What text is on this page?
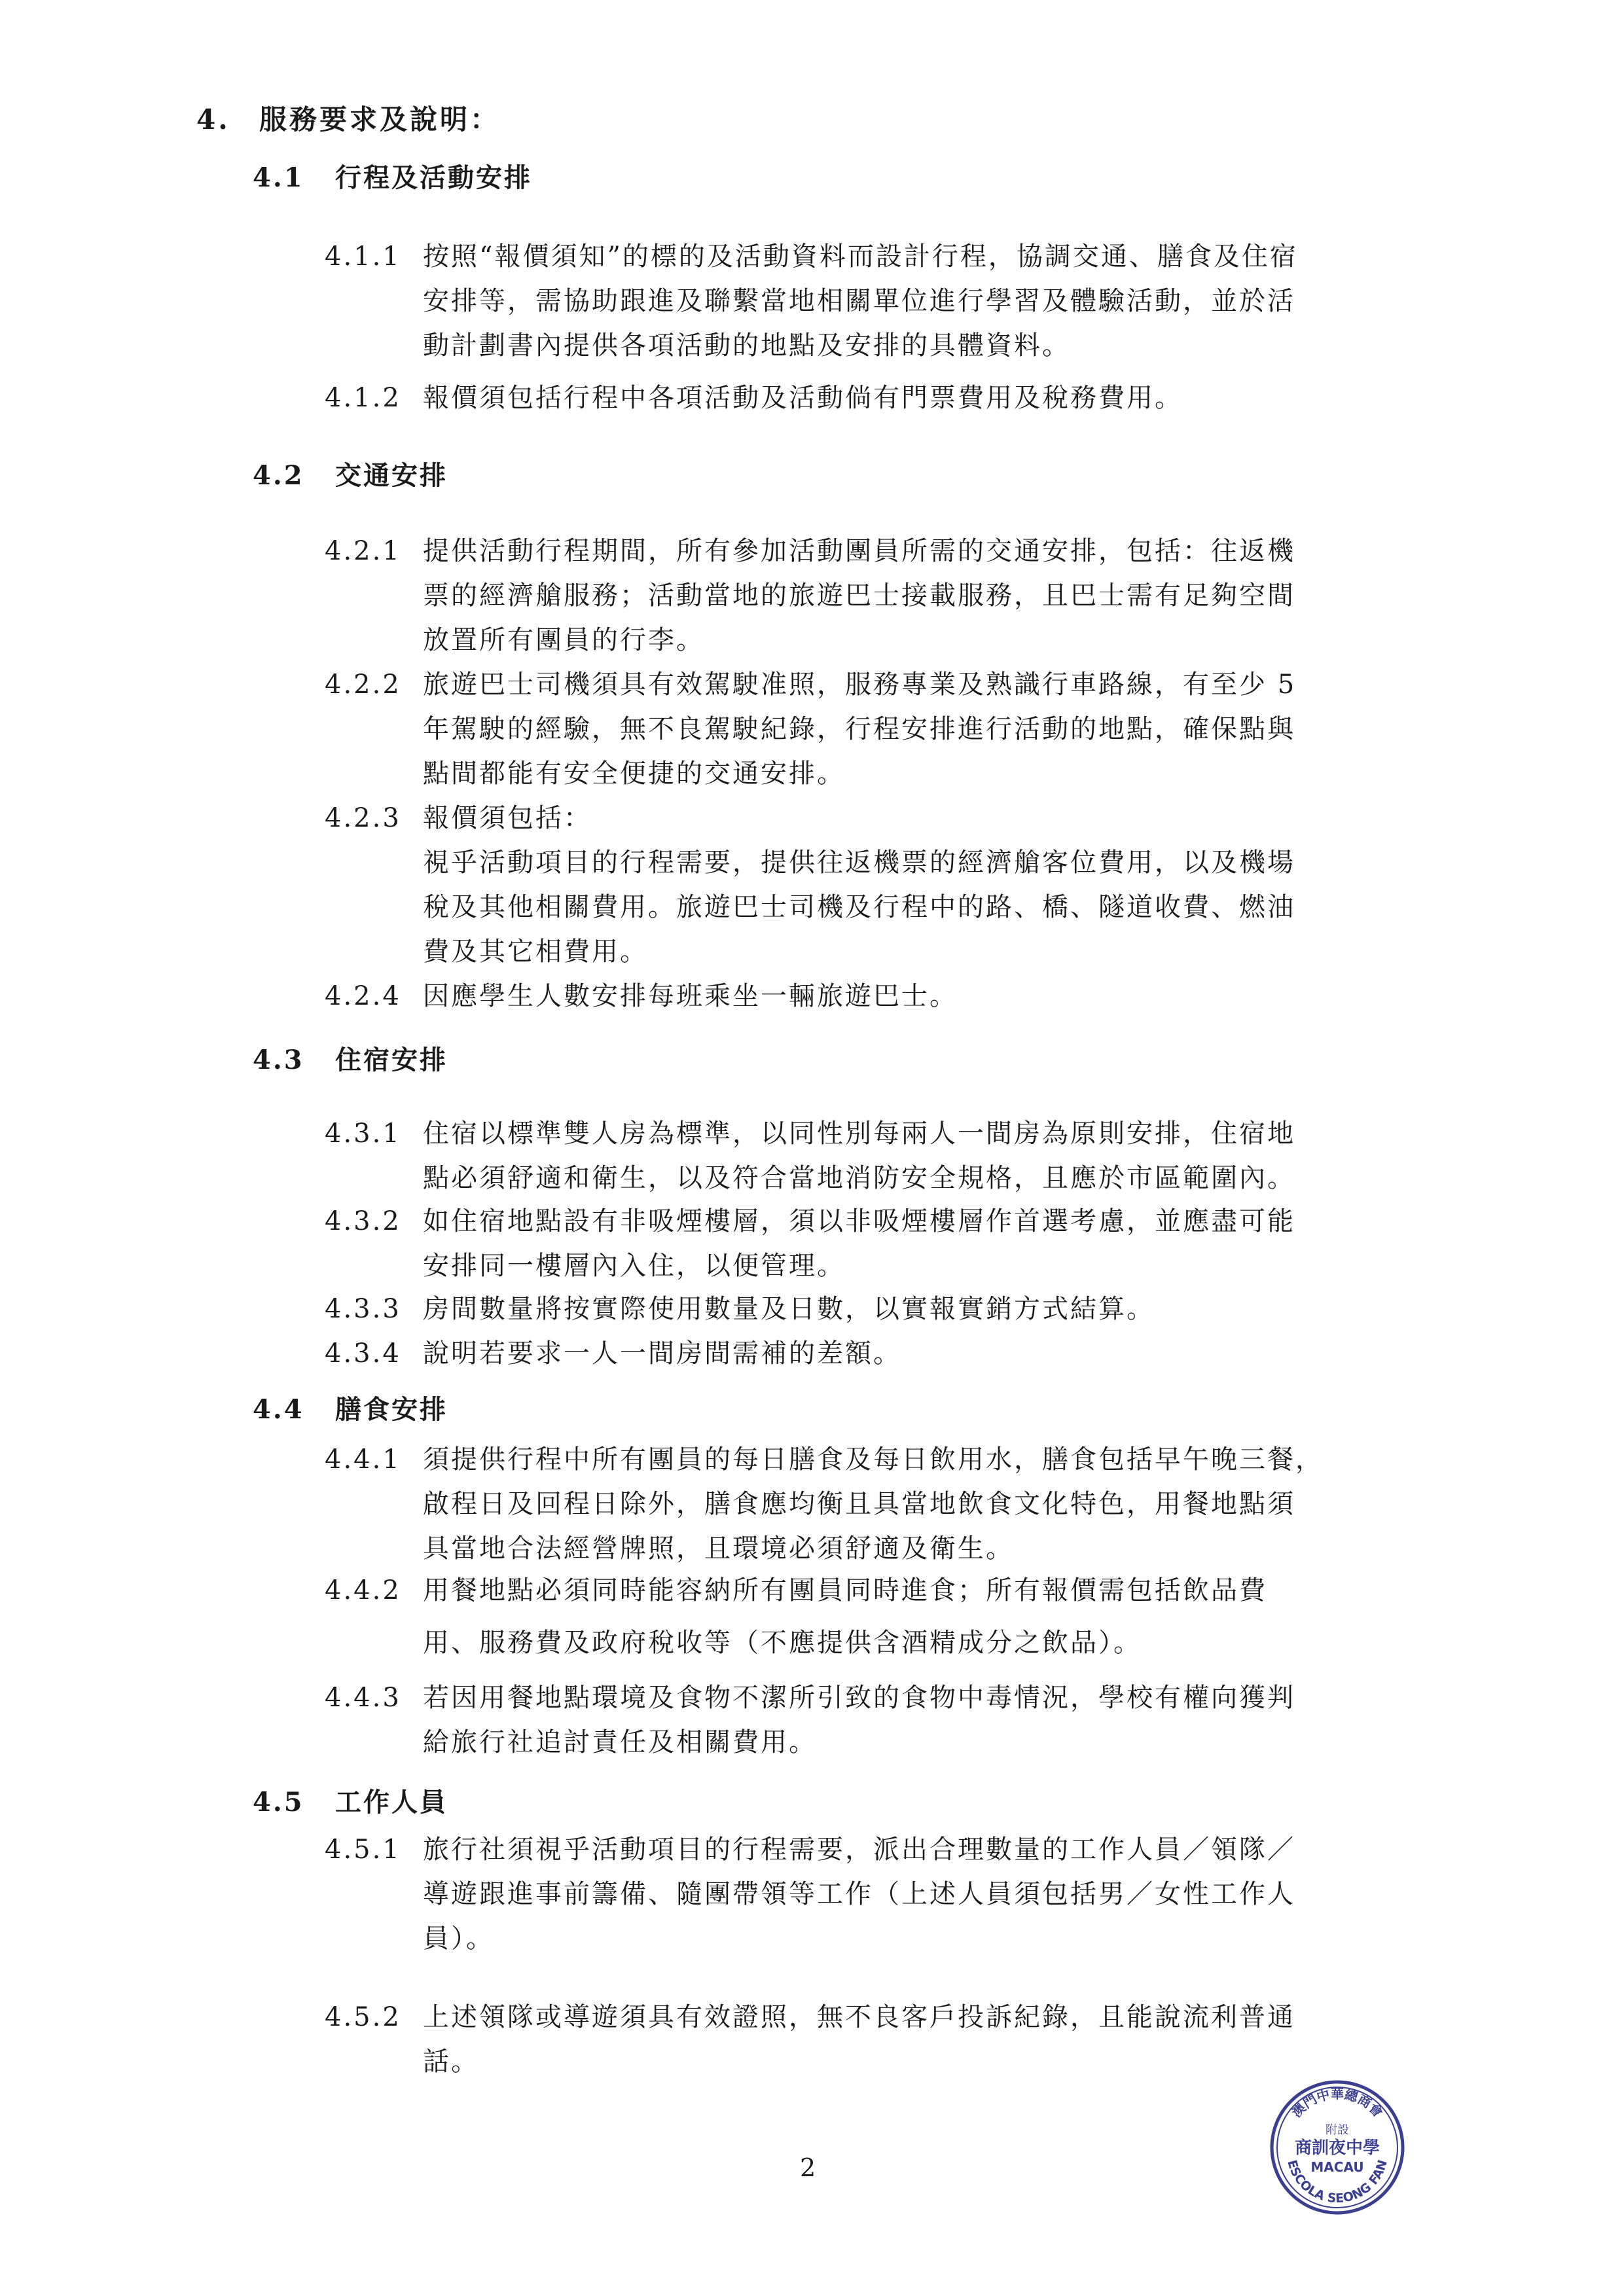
4. 服務要求及說明：
4.1 行程及活動安排
4.1.1 按照“報價須知”的標的及活動資料而設計行程，協調交通、膳食及住宿

安排等，需協助跟進及聯繫當地相關單位進行學習及體驗活動，並於活

動計劃書內提供各項活動的地點及安排的具體資料。

4.1.2 報價須包括行程中各項活動及活動倘有門票費用及稅務費用。

4.2 交通安排
4.2.1 提供活動行程期間，所有參加活動團員所需的交通安排，包括：往返機

票的經濟艙服務；活動當地的旅遊巴士接載服務，且巴士需有足夠空間

放置所有團員的行李。

4.2.2 旅遊巴士司機須具有效駕駛准照，服務專業及熟識行車路線，有至少 5

年駕駛的經驗，無不良駕駛紀錄，行程安排進行活動的地點，確保點與

點間都能有安全便捷的交通安排。

4.2.3 報價須包括：

視乎活動項目的行程需要，提供往返機票的經濟艙客位費用，以及機場

稅及其他相關費用。旅遊巴士司機及行程中的路、橋、隧道收費、燃油

費及其它相費用。

4.2.4 因應學生人數安排每班乘坐一輛旅遊巴士。

4.3 住宿安排
4.3.1 住宿以標準雙人房為標準，以同性別每兩人一間房為原則安排，住宿地

點必須舒適和衛生，以及符合當地消防安全規格，且應於市區範圍內。

4.3.2 如住宿地點設有非吸煙樓層，須以非吸煙樓層作首選考慮，並應盡可能

安排同一樓層內入住，以便管理。

4.3.3 房間數量將按實際使用數量及日數，以實報實銷方式結算。

4.3.4 說明若要求一人一間房間需補的差額。

4.4 膳食安排
4.4.1 須提供行程中所有團員的每日膳食及每日飲用水，膳食包括早午晚三餐，

啟程日及回程日除外，膳食應均衡且具當地飲食文化特色，用餐地點須

具當地合法經營牌照，且環境必須舒適及衛生。

4.4.2 用餐地點必須同時能容納所有團員同時進食；所有報價需包括飲品費

用、服務費及政府稅收等（不應提供含酒精成分之飲品）。

4.4.3 若因用餐地點環境及食物不潔所引致的食物中毒情況，學校有權向獲判

給旅行社追討責任及相關費用。

4.5 工作人員
4.5.1 旅行社須視乎活動項目的行程需要，派出合理數量的工作人員／領隊／

導遊跟進事前籌備、隨團帶領等工作（上述人員須包括男／女性工作人

員）。

4.5.2 上述領隊或導遊須具有效證照，無不良客戶投訴紀錄，且能說流利普通

話。

澳門中華總商會
附設
商訓夜中學
MACAU
ESCOLA SEONG FAN
2
